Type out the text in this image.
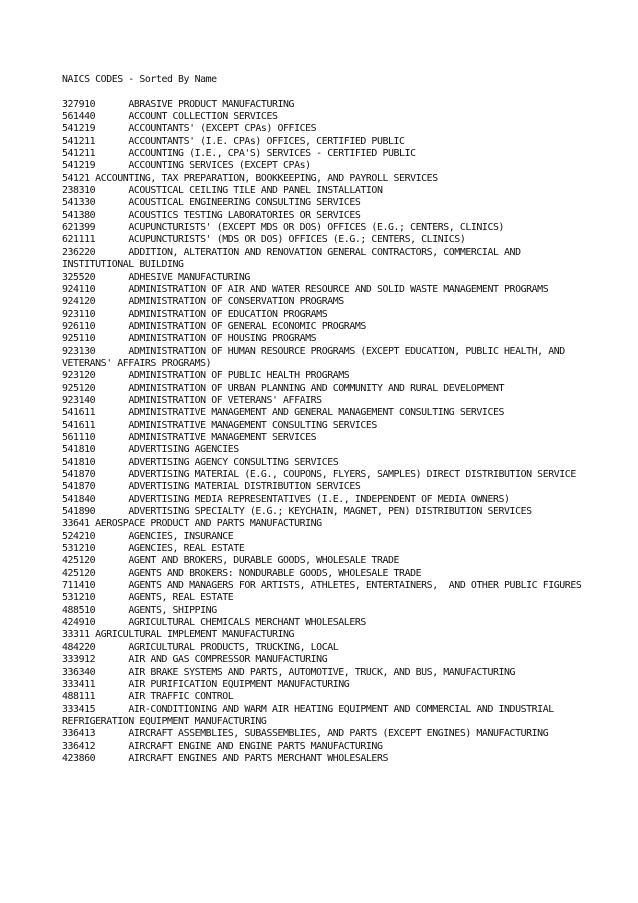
NAICS CODES - Sorted By Name
327910	ABRASIVE PRODUCT MANUFACTURING
561440	ACCOUNT COLLECTION SERVICES
541219	ACCOUNTANTS' (EXCEPT CPAs) OFFICES
541211	ACCOUNTANTS' (I.E. CPAs) OFFICES, CERTIFIED PUBLIC
541211	ACCOUNTING (I.E., CPA'S) SERVICES - CERTIFIED PUBLIC
541219	ACCOUNTING SERVICES (EXCEPT CPAs)
54121 ACCOUNTING, TAX PREPARATION, BOOKKEEPING, AND PAYROLL SERVICES
238310	ACOUSTICAL CEILING TILE AND PANEL INSTALLATION
541330	ACOUSTICAL ENGINEERING CONSULTING SERVICES
541380	ACOUSTICS TESTING LABORATORIES OR SERVICES
621399	ACUPUNCTURISTS' (EXCEPT MDS OR DOS) OFFICES (E.G.; CENTERS, CLINICS)
621111	ACUPUNCTURISTS' (MDS OR DOS) OFFICES (E.G.; CENTERS, CLINICS)
236220	ADDITION, ALTERATION AND RENOVATION GENERAL CONTRACTORS, COMMERCIAL AND INSTITUTIONAL BUILDING
325520	ADHESIVE MANUFACTURING
924110	ADMINISTRATION OF AIR AND WATER RESOURCE AND SOLID WASTE MANAGEMENT PROGRAMS
924120	ADMINISTRATION OF CONSERVATION PROGRAMS
923110	ADMINISTRATION OF EDUCATION PROGRAMS
926110	ADMINISTRATION OF GENERAL ECONOMIC PROGRAMS
925110	ADMINISTRATION OF HOUSING PROGRAMS
923130	ADMINISTRATION OF HUMAN RESOURCE PROGRAMS (EXCEPT EDUCATION, PUBLIC HEALTH, AND VETERANS' AFFAIRS PROGRAMS)
923120	ADMINISTRATION OF PUBLIC HEALTH PROGRAMS
925120	ADMINISTRATION OF URBAN PLANNING AND COMMUNITY AND RURAL DEVELOPMENT
923140	ADMINISTRATION OF VETERANS' AFFAIRS
541611	ADMINISTRATIVE MANAGEMENT AND GENERAL MANAGEMENT CONSULTING SERVICES
541611	ADMINISTRATIVE MANAGEMENT CONSULTING SERVICES
561110	ADMINISTRATIVE MANAGEMENT SERVICES
541810	ADVERTISING AGENCIES
541810	ADVERTISING AGENCY CONSULTING SERVICES
541870	ADVERTISING MATERIAL (E.G., COUPONS, FLYERS, SAMPLES) DIRECT DISTRIBUTION SERVICE
541870	ADVERTISING MATERIAL DISTRIBUTION SERVICES
541840	ADVERTISING MEDIA REPRESENTATIVES (I.E., INDEPENDENT OF MEDIA OWNERS)
541890	ADVERTISING SPECIALTY (E.G.; KEYCHAIN, MAGNET, PEN) DISTRIBUTION SERVICES
33641 AEROSPACE PRODUCT AND PARTS MANUFACTURING
524210	AGENCIES, INSURANCE
531210	AGENCIES, REAL ESTATE
425120	AGENT AND BROKERS, DURABLE GOODS, WHOLESALE TRADE
425120	AGENTS AND BROKERS: NONDURABLE GOODS, WHOLESALE TRADE
711410	AGENTS AND MANAGERS FOR ARTISTS, ATHLETES, ENTERTAINERS,  AND OTHER PUBLIC FIGURES
531210	AGENTS, REAL ESTATE
488510	AGENTS, SHIPPING
424910	AGRICULTURAL CHEMICALS MERCHANT WHOLESALERS
33311 AGRICULTURAL IMPLEMENT MANUFACTURING
484220	AGRICULTURAL PRODUCTS, TRUCKING, LOCAL
333912	AIR AND GAS COMPRESSOR MANUFACTURING
336340	AIR BRAKE SYSTEMS AND PARTS, AUTOMOTIVE, TRUCK, AND BUS, MANUFACTURING
333411	AIR PURIFICATION EQUIPMENT MANUFACTURING
488111	AIR TRAFFIC CONTROL
333415	AIR-CONDITIONING AND WARM AIR HEATING EQUIPMENT AND COMMERCIAL AND INDUSTRIAL REFRIGERATION EQUIPMENT MANUFACTURING
336413	AIRCRAFT ASSEMBLIES, SUBASSEMBLIES, AND PARTS (EXCEPT ENGINES) MANUFACTURING
336412	AIRCRAFT ENGINE AND ENGINE PARTS MANUFACTURING
423860	AIRCRAFT ENGINES AND PARTS MERCHANT WHOLESALERS
